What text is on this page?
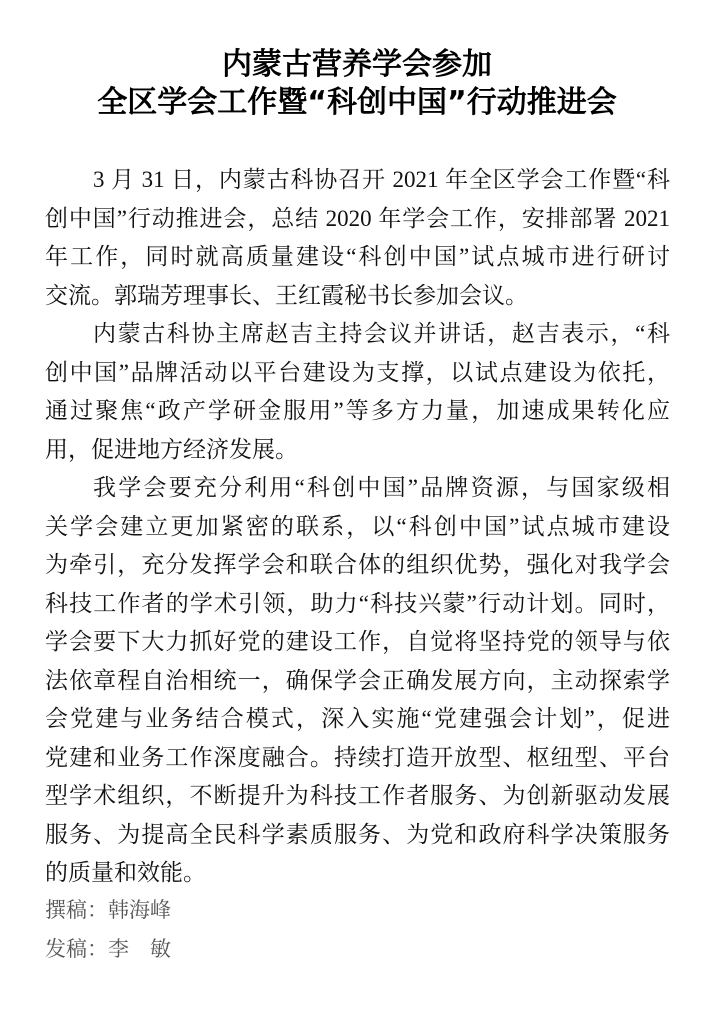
内蒙古营养学会参加
全区学会工作暨“科创中国”行动推进会
3 月 31 日，内蒙古科协召开 2021 年全区学会工作暨“科
创中国”行动推进会，总结 2020 年学会工作，安排部署 2021
年工作，同时就高质量建设“科创中国”试点城市进行研讨
交流。郭瑞芳理事长、王红霞秘书长参加会议。
内蒙古科协主席赵吉主持会议并讲话，赵吉表示，“科
创中国”品牌活动以平台建设为支撑，以试点建设为依托，
通过聚焦“政产学研金服用”等多方力量，加速成果转化应
用，促进地方经济发展。
我学会要充分利用“科创中国”品牌资源，与国家级相
关学会建立更加紧密的联系，以“科创中国”试点城市建设
为牵引，充分发挥学会和联合体的组织优势，强化对我学会
科技工作者的学术引领，助力“科技兴蒙”行动计划。同时，
学会要下大力抓好党的建设工作，自觉将坚持党的领导与依
法依章程自治相统一，确保学会正确发展方向，主动探索学
会党建与业务结合模式，深入实施“党建强会计划”，促进
党建和业务工作深度融合。持续打造开放型、枢纽型、平台
型学术组织，不断提升为科技工作者服务、为创新驱动发展
服务、为提高全民科学素质服务、为党和政府科学决策服务
的质量和效能。
撰稿：韩海峰
发稿：李　敏
